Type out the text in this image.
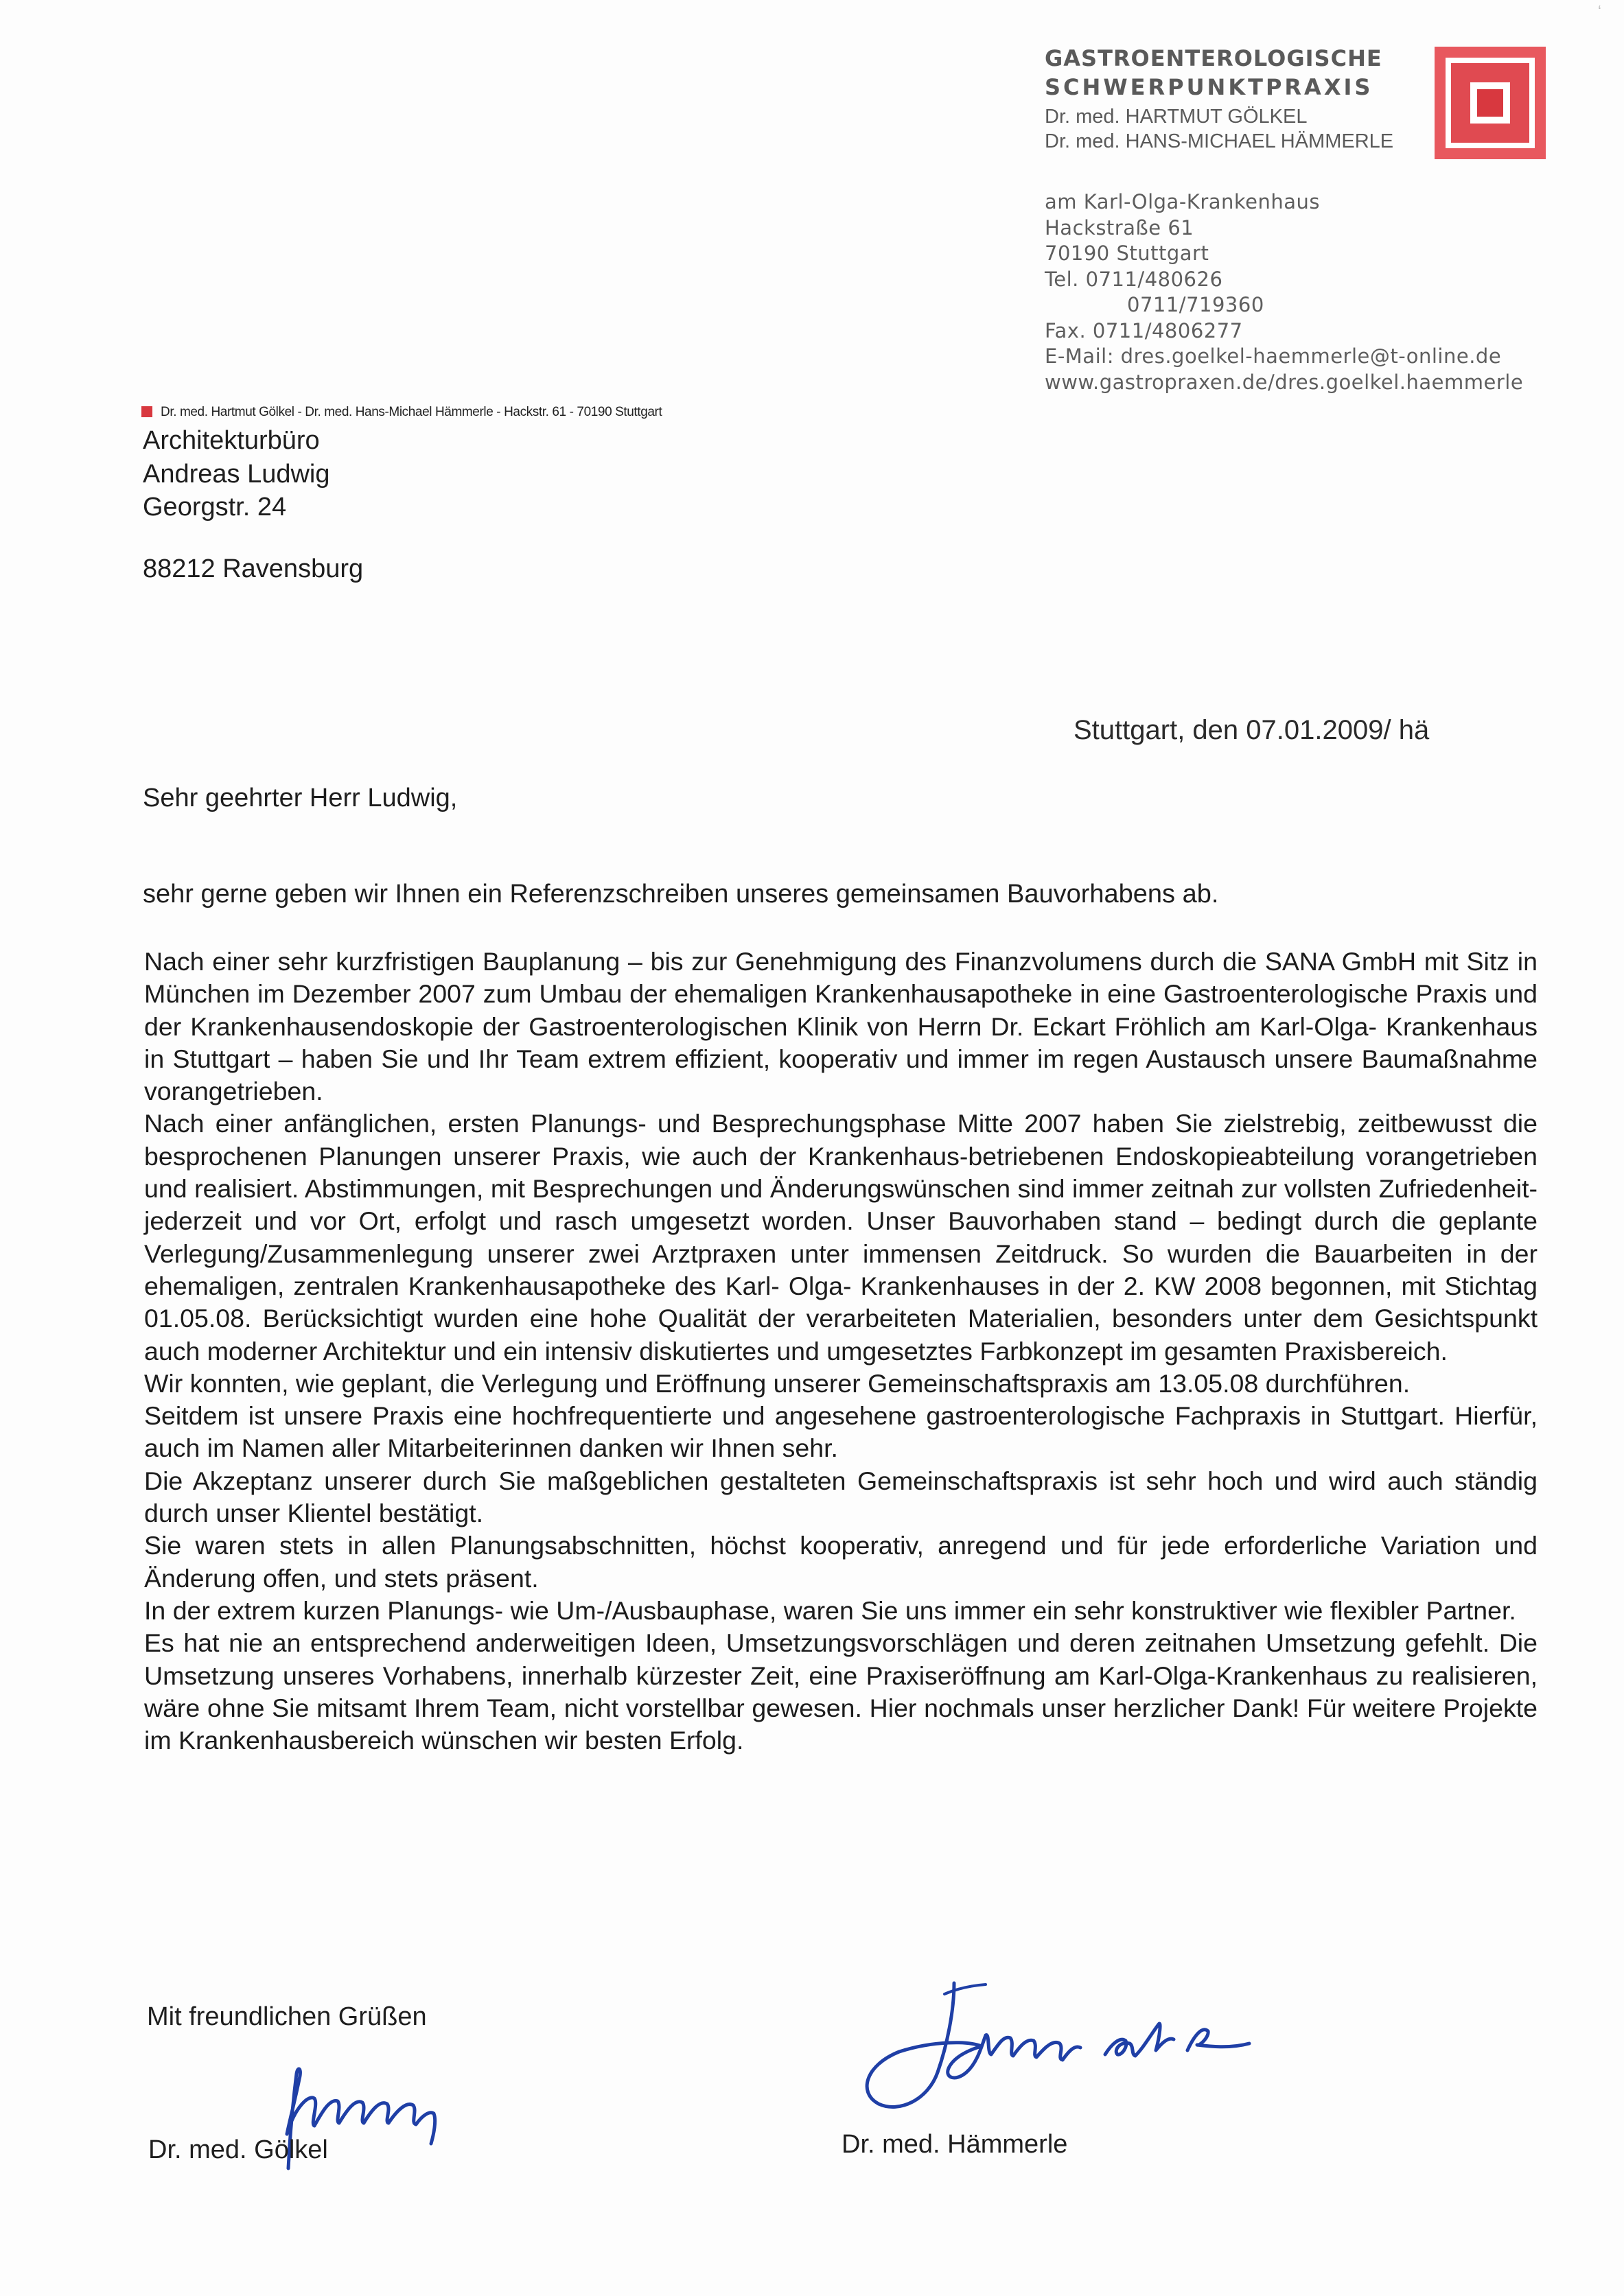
GASTROENTEROLOGISCHE
SCHWERPUNKTPRAXIS
Dr. med. HARTMUT GÖLKEL
Dr. med. HANS-MICHAEL HÄMMERLE
am Karl-Olga-Krankenhaus
Hackstraße 61
70190 Stuttgart
Tel. 0711/480626
0711/719360
Fax. 0711/4806277
E-Mail: dres.goelkel-haemmerle@t-online.de
www.gastropraxen.de/dres.goelkel.haemmerle
Dr. med. Hartmut Gölkel - Dr. med. Hans-Michael Hämmerle - Hackstr. 61 - 70190 Stuttgart
Architekturbüro
Andreas Ludwig
Georgstr. 24
88212 Ravensburg
Stuttgart, den 07.01.2009/ hä
Sehr geehrter Herr Ludwig,
sehr gerne geben wir Ihnen ein Referenzschreiben unseres gemeinsamen Bauvorhabens ab.

Nach einer sehr kurzfristigen Bauplanung – bis zur Genehmigung des Finanzvolumens durch die SANA GmbH mit Sitz in München im Dezember 2007 zum Umbau der ehemaligen Krankenhausapotheke in eine Gastroenterologische Praxis und der Krankenhausendoskopie der Gastroenterologischen Klinik von Herrn Dr. Eckart Fröhlich am Karl-Olga- Krankenhaus in Stuttgart – haben Sie und Ihr Team extrem effizient, kooperativ und immer im regen Austausch unsere Baumaßnahme vorangetrieben.

Nach einer anfänglichen, ersten Planungs- und Besprechungsphase Mitte 2007 haben Sie zielstrebig, zeitbewusst die besprochenen Planungen unserer Praxis, wie auch der Krankenhaus-betriebenen Endoskopieabteilung vorangetrieben und realisiert. Abstimmungen, mit Besprechungen und Änderungswünschen sind immer zeitnah zur vollsten Zufriedenheit- jederzeit und vor Ort, erfolgt und rasch umgesetzt worden. Unser Bauvorhaben stand – bedingt durch die geplante Verlegung/Zusammenlegung unserer zwei Arztpraxen unter immensen Zeitdruck. So wurden die Bauarbeiten in der ehemaligen, zentralen Krankenhausapotheke des Karl- Olga- Krankenhauses in der 2. KW 2008 begonnen, mit Stichtag 01.05.08. Berücksichtigt wurden eine hohe Qualität der verarbeiteten Materialien, besonders unter dem Gesichtspunkt auch moderner Architektur und ein intensiv diskutiertes und umgesetztes Farbkonzept im gesamten Praxisbereich.

Wir konnten, wie geplant, die Verlegung und Eröffnung unserer Gemeinschaftspraxis am 13.05.08 durchführen.

Seitdem ist unsere Praxis eine hochfrequentierte und angesehene gastroenterologische Fachpraxis in Stuttgart. Hierfür, auch im Namen aller Mitarbeiterinnen danken wir Ihnen sehr.

Die Akzeptanz unserer durch Sie maßgeblichen gestalteten Gemeinschaftspraxis ist sehr hoch und wird auch ständig durch unser Klientel bestätigt.

Sie waren stets in allen Planungsabschnitten, höchst kooperativ, anregend und für jede erforderliche Variation und Änderung offen, und stets präsent.

In der extrem kurzen Planungs- wie Um-/Ausbauphase, waren Sie uns immer ein sehr konstruktiver wie flexibler Partner.

Es hat nie an entsprechend anderweitigen Ideen, Umsetzungsvorschlägen und deren zeitnahen Umsetzung gefehlt. Die Umsetzung unseres Vorhabens, innerhalb kürzester Zeit, eine Praxiseröffnung am Karl-Olga-Krankenhaus zu realisieren, wäre ohne Sie mitsamt Ihrem Team, nicht vorstellbar gewesen. Hier nochmals unser herzlicher Dank! Für weitere Projekte im Krankenhausbereich wünschen wir besten Erfolg.

Mit freundlichen Grüßen
Dr. med. Gölkel	Dr. med. Hämmerle
ʻ
